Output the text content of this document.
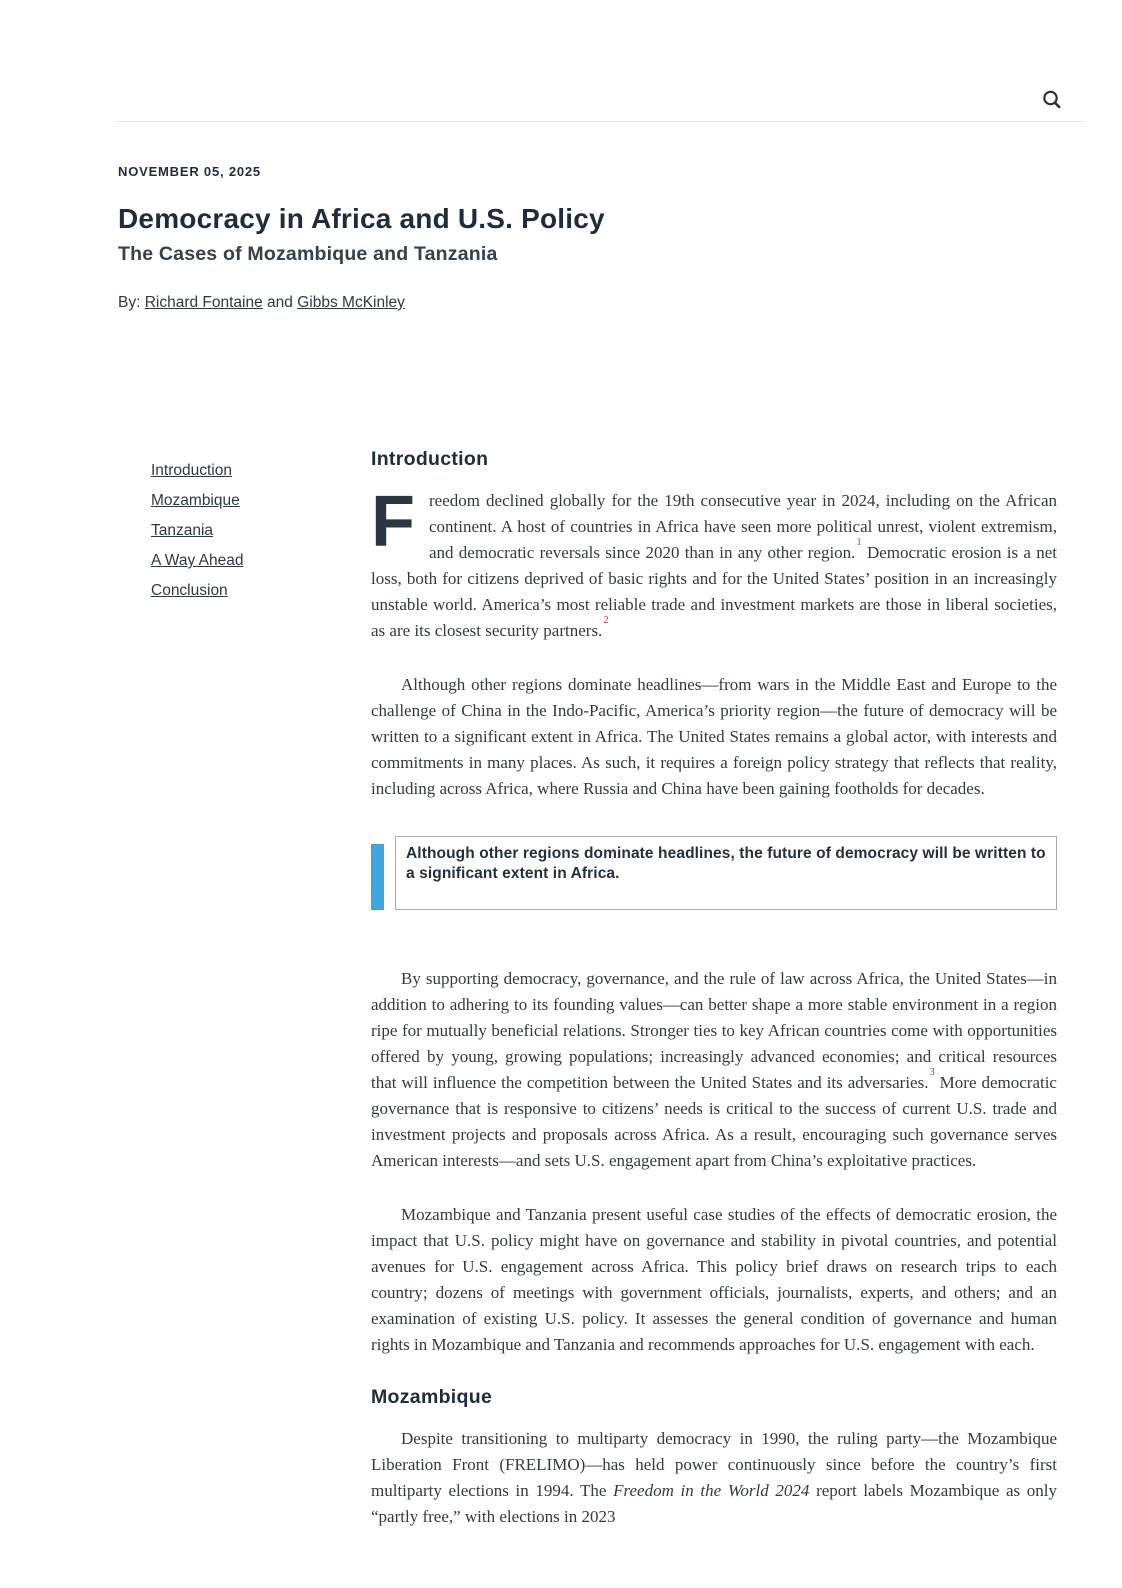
NOVEMBER 05, 2025
Democracy in Africa and U.S. Policy
The Cases of Mozambique and Tanzania
By: Richard Fontaine and Gibbs McKinley
Introduction
Mozambique
Tanzania
A Way Ahead
Conclusion

Introduction

Freedom declined globally for the 19th consecutive year in 2024, including on the African continent. A host of countries in Africa have seen more political unrest, violent extremism, and democratic reversals since 2020 than in any other region.$^1$ Democratic erosion is a net loss, both for citizens deprived of basic rights and for the United States’ position in an increasingly unstable world. America’s most reliable trade and investment markets are those in liberal societies, as are its closest security partners.$^2$

Although other regions dominate headlines—from wars in the Middle East and Europe to the challenge of China in the Indo-Pacific, America’s priority region—the future of democracy will be written to a significant extent in Africa. The United States remains a global actor, with interests and commitments in many places. As such, it requires a foreign policy strategy that reflects that reality, including across Africa, where Russia and China have been gaining footholds for decades.

Although other regions dominate headlines, the future of democracy will be written to a significant extent in Africa.

By supporting democracy, governance, and the rule of law across Africa, the United States—in addition to adhering to its founding values—can better shape a more stable environment in a region ripe for mutually beneficial relations. Stronger ties to key African countries come with opportunities offered by young, growing populations; increasingly advanced economies; and critical resources that will influence the competition between the United States and its adversaries.$^3$ More democratic governance that is responsive to citizens’ needs is critical to the success of current U.S. trade and investment projects and proposals across Africa. As a result, encouraging such governance serves American interests—and sets U.S. engagement apart from China’s exploitative practices.

Mozambique and Tanzania present useful case studies of the effects of democratic erosion, the impact that U.S. policy might have on governance and stability in pivotal countries, and potential avenues for U.S. engagement across Africa. This policy brief draws on research trips to each country; dozens of meetings with government officials, journalists, experts, and others; and an examination of existing U.S. policy. It assesses the general condition of governance and human rights in Mozambique and Tanzania and recommends approaches for U.S. engagement with each.

Mozambique

Despite transitioning to multiparty democracy in 1990, the ruling party—the Mozambique Liberation Front (FRELIMO)—has held power continuously since before the country’s first multiparty elections in 1994. The Freedom in the World 2024 report labels Mozambique as only “partly free,” with elections in 2023
